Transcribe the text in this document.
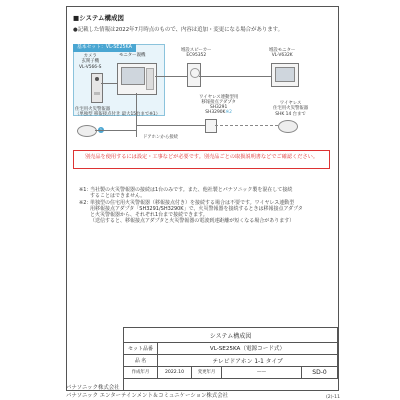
■システム構成図
●記載した情報は2022年7月時点のもので、内容は追加・変更になる場合があります。
基本セット：VL-SE25KA
カメラ
玄関子機
VL-V566-S
モニター親機
増設スピーカー
EC95352
増設モニター
VL-V632K
ワイヤレス連動型用
移報接点アダプタ
SH3291
SH3290K※2
ワイヤレス
住宅用火災警報器
SHK 14 台まで
住宅用火災警報器
（単独型 移報接点付き 最大15台まで※1）
ドアホンから接続
別売品を使用するには設定・工事などが必要です。別売品ごとの取扱説明書などでご確認ください。
※1：
当社製の火災警報器の接続は1台のみです。また、他社製とパナソニック製を混在して接続
することはできません。
※2：
単独型の住宅用火災警報器（移報接点付き）を接続する場合は不要です。ワイヤレス連動型
用移報接点アダプタ「SH3291/SH3290K」で、火災警報器を接続するときは移報接点アダプタ
と火災警報器から、それぞれ1台まで接続できます。
（送信すると、移報接点アダプタと火災警報器の電波到達距離が短くなる場合があります）
システム構成図
セット品番	VL-SE25KA（電源コード式）
品 名	テレビドアホン 1-1 タイプ
作成年月	2022.10	変更年月	——	SD-0
パナソニック株式会社
パナソニック エンターテインメント＆コミュニケーション株式会社	(2)-11
